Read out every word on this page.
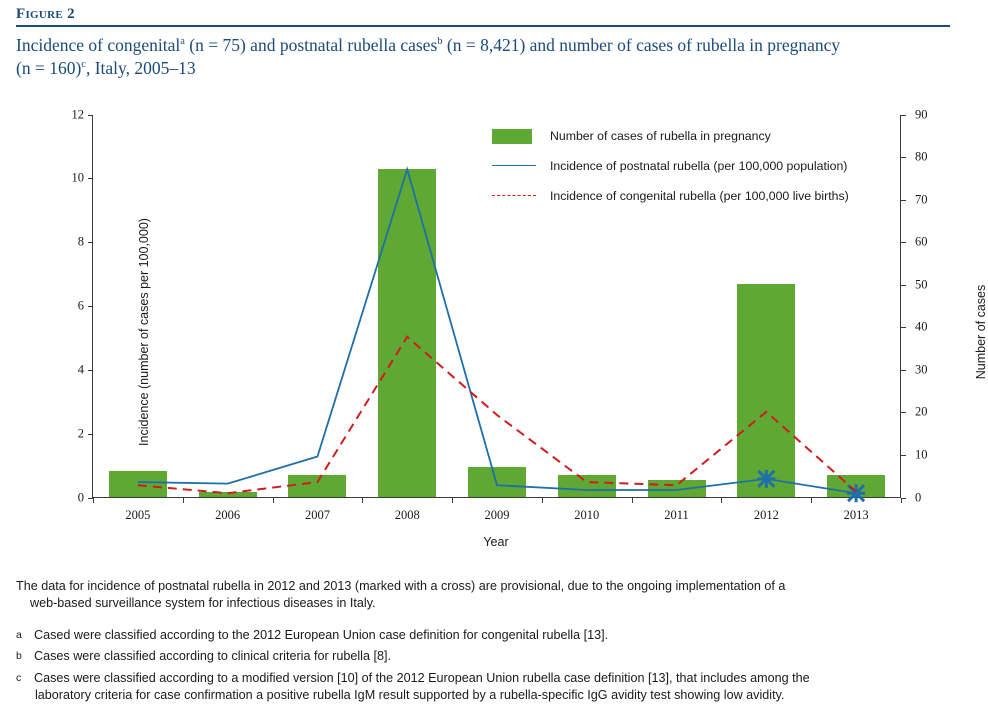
Figure 2
Incidence of congenital$^a$ (n = 75) and postnatal rubella cases$^b$ (n = 8,421) and number of cases of rubella in pregnancy
(n = 160)$^c$, Italy, 2005–13
Incidence (number of cases per 100,000)	Number of cases
Year
0
2
4
6
8
10
12
0
10
20
30
40
50
60
70
80
90
2005	2006	2007	2008	2009	2010	2011	2012	2013
Number of cases of rubella in pregnancy
Incidence of postnatal rubella (per 100,000 population)
Incidence of congenital rubella (per 100,000 live births)
The data for incidence of postnatal rubella in 2012 and 2013 (marked with a cross) are provisional, due to the ongoing implementation of a
web-based surveillance system for infectious diseases in Italy.
a Cased were classified according to the 2012 European Union case definition for congenital rubella [13].
b Cases were classified according to clinical criteria for rubella [8].
c	Cases were classified according to a modified version [10] of the 2012 European Union rubella case definition [13], that includes among the
laboratory criteria for case confirmation a positive rubella IgM result supported by a rubella-specific IgG avidity test showing low avidity.
